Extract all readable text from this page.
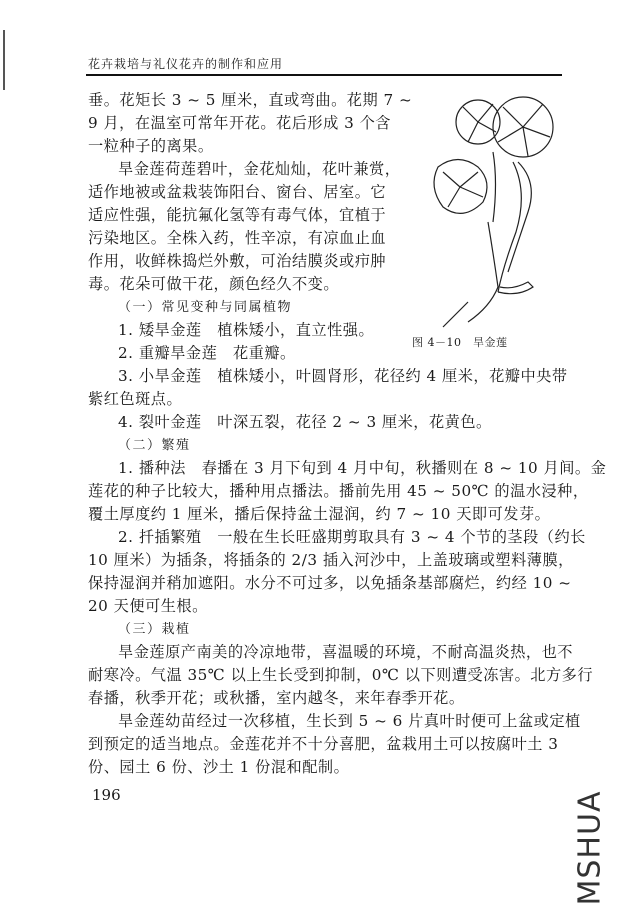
花卉栽培与礼仪花卉的制作和应用
垂。花矩长 3 ~ 5 厘米，直或弯曲。花期 7 ~
9 月，在温室可常年开花。花后形成 3 个含
一粒种子的离果。
旱金莲荷莲碧叶，金花灿灿，花叶兼赏，
适作地被或盆栽装饰阳台、窗台、居室。它
适应性强，能抗氟化氢等有毒气体，宜植于
污染地区。全株入药，性辛凉，有凉血止血
作用，收鲜株捣烂外敷，可治结膜炎或疖肿
毒。花朵可做干花，颜色经久不变。
（一）常见变种与同属植物
1. 矮旱金莲　植株矮小，直立性强。
2. 重瓣旱金莲　花重瓣。
3. 小旱金莲　植株矮小，叶圆肾形，花径约 4 厘米，花瓣中央带
紫红色斑点。
4. 裂叶金莲　叶深五裂，花径 2 ~ 3 厘米，花黄色。
（二）繁殖
1. 播种法　春播在 3 月下旬到 4 月中旬，秋播则在 8 ~ 10 月间。金
莲花的种子比较大，播种用点播法。播前先用 45 ~ 50℃ 的温水浸种，
覆土厚度约 1 厘米，播后保持盆土湿润，约 7 ~ 10 天即可发芽。
2. 扦插繁殖　一般在生长旺盛期剪取具有 3 ~ 4 个节的茎段（约长
10 厘米）为插条，将插条的 2/3 插入河沙中，上盖玻璃或塑料薄膜，
保持湿润并稍加遮阳。水分不可过多，以免插条基部腐烂，约经 10 ~
20 天便可生根。
（三）栽植
旱金莲原产南美的冷凉地带，喜温暖的环境，不耐高温炎热，也不
耐寒冷。气温 35℃ 以上生长受到抑制，0℃ 以下则遭受冻害。北方多行
春播，秋季开花；或秋播，室内越冬，来年春季开花。
旱金莲幼苗经过一次移植，生长到 5 ~ 6 片真叶时便可上盆或定植
到预定的适当地点。金莲花并不十分喜肥，盆栽用土可以按腐叶土 3
份、园土 6 份、沙土 1 份混和配制。
图 4－10　旱金莲
196	MSHUA
